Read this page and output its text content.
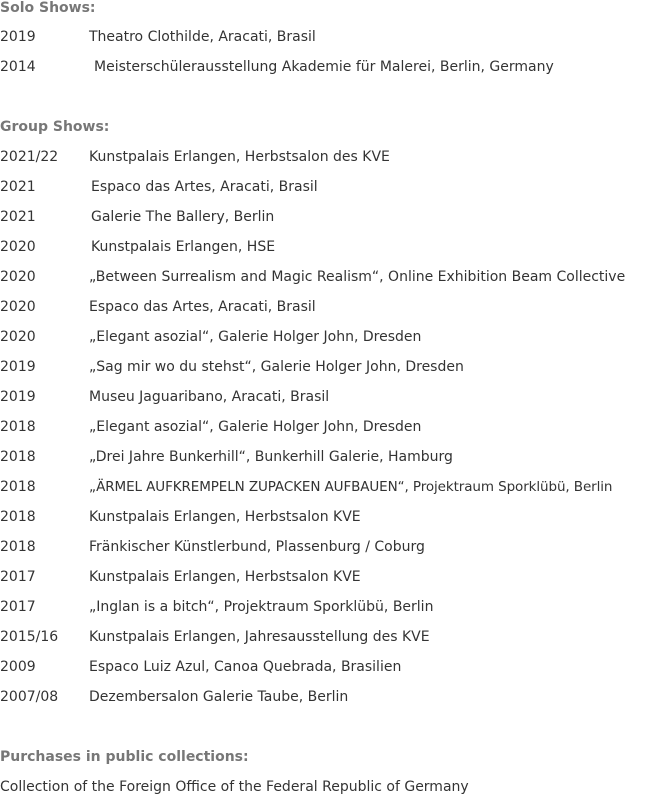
Solo Shows:
2019	Theatro Clothilde, Aracati, Brasil
2014	Meisterschülerausstellung Akademie für Malerei, Berlin, Germany
Group Shows:
2021/22 Kunstpalais Erlangen, Herbstsalon des KVE
2021	Espaco das Artes, Aracati, Brasil
2021	Galerie The Ballery, Berlin
2020	Kunstpalais Erlangen, HSE
2020	„Between Surrealism and Magic Realism“, Online Exhibition Beam Collective
2020	Espaco das Artes, Aracati, Brasil
2020	„Elegant asozial“, Galerie Holger John, Dresden
2019	„Sag mir wo du stehst“, Galerie Holger John, Dresden
2019	Museu Jaguaribano, Aracati, Brasil
2018	„Elegant asozial“, Galerie Holger John, Dresden
2018	„Drei Jahre Bunkerhill“, Bunkerhill Galerie, Hamburg
2018	„ÄRMEL AUFKREMPELN ZUPACKEN AUFBAUEN“, Projektraum Sporklübü, Berlin
2018	Kunstpalais Erlangen, Herbstsalon KVE
2018	Fränkischer Künstlerbund, Plassenburg / Coburg
2017	Kunstpalais Erlangen, Herbstsalon KVE
2017	„Inglan is a bitch“, Projektraum Sporklübü, Berlin
2015/16 Kunstpalais Erlangen, Jahresausstellung des KVE
2009	Espaco Luiz Azul, Canoa Quebrada, Brasilien
2007/08 Dezembersalon Galerie Taube, Berlin
Purchases in public collections:
Collection of the Foreign Office of the Federal Republic of Germany
